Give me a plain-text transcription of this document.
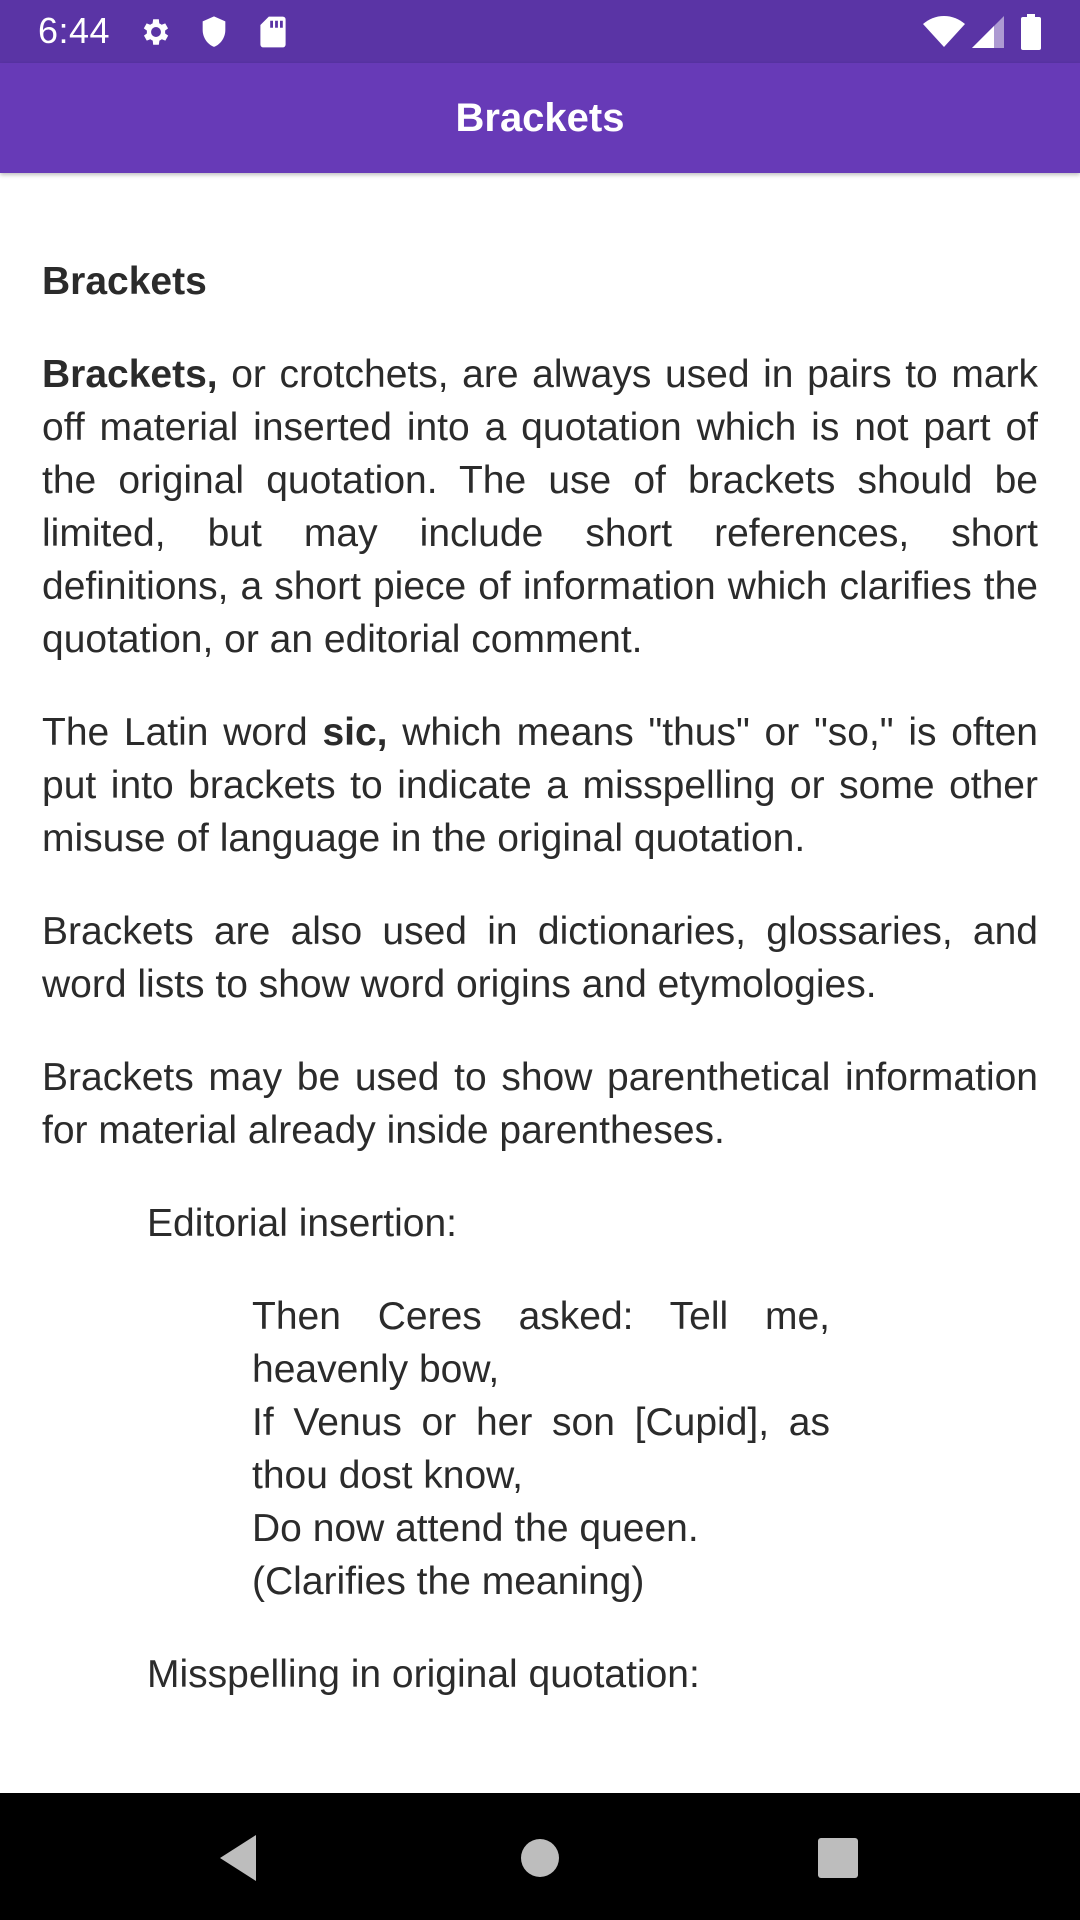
6:44
Brackets
Brackets

Brackets, or crotchets, are always used in pairs to mark off material inserted into a quotation which is not part of the original quotation. The use of brackets should be limited, but may include short references, short definitions, a short piece of information which clarifies the quotation, or an editorial comment.

The Latin word sic, which means "thus" or "so," is often put into brackets to indicate a misspelling or some other misuse of language in the original quotation.

Brackets are also used in dictionaries, glossaries, and word lists to show word origins and etymologies.

Brackets may be used to show parenthetical information for material already inside parentheses.

Editorial insertion:
Then Ceres asked: Tell me, heavenly bow,
If Venus or her son [Cupid], as thou dost know,
Do now attend the queen.
(Clarifies the meaning)
Misspelling in original quotation:
